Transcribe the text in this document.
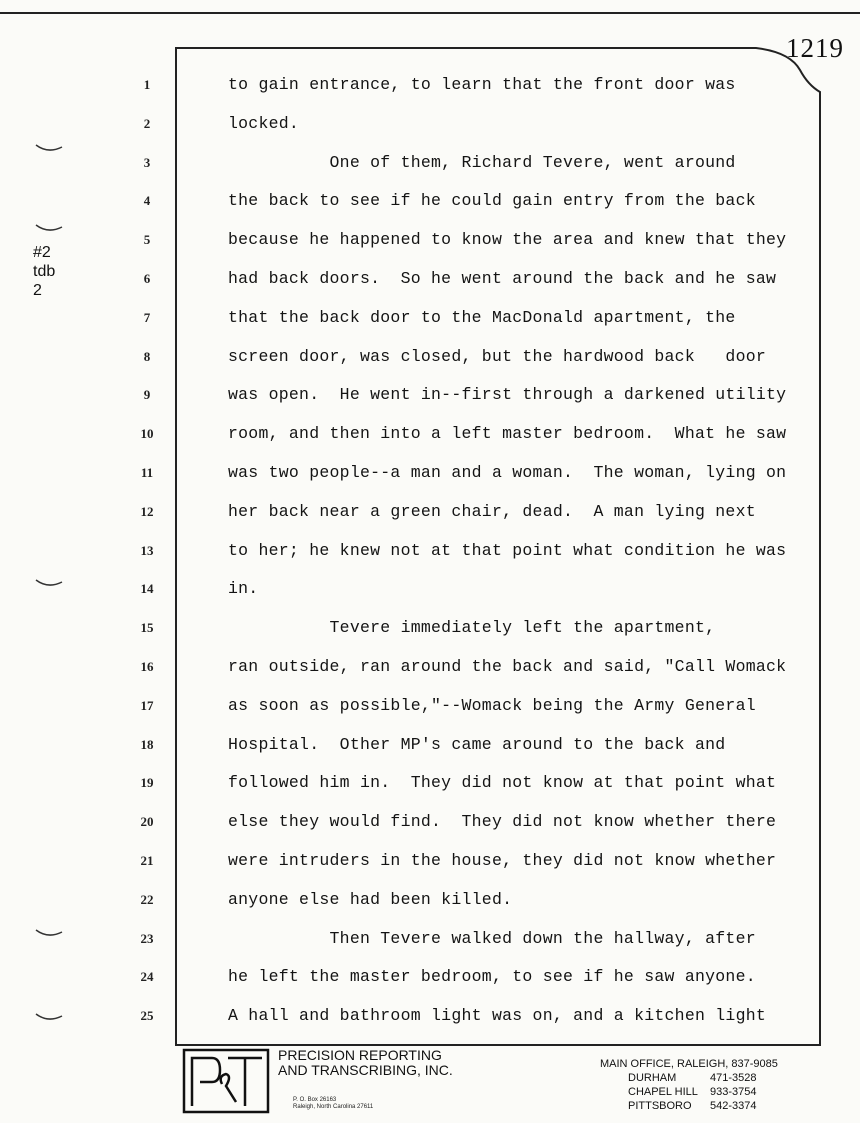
1219
#2
tdb
2
1	to gain entrance, to learn that the front door was
2	locked.
3	One of them, Richard Tevere, went around
4	the back to see if he could gain entry from the back
5	because he happened to know the area and knew that they
6	had back doors.  So he went around the back and he saw
7	that the back door to the MacDonald apartment, the
8	screen door, was closed, but the hardwood back   door
9	was open.  He went in--first through a darkened utility
10	room, and then into a left master bedroom.  What he saw
11	was two people--a man and a woman.  The woman, lying on
12	her back near a green chair, dead.  A man lying next
13	to her; he knew not at that point what condition he was
14	in.
15	Tevere immediately left the apartment,
16	ran outside, ran around the back and said, "Call Womack
17	as soon as possible,"--Womack being the Army General
18	Hospital.  Other MP's came around to the back and
19	followed him in.  They did not know at that point what
20	else they would find.  They did not know whether there
21	were intruders in the house, they did not know whether
22	anyone else had been killed.
23	Then Tevere walked down the hallway, after
24	he left the master bedroom, to see if he saw anyone.
25	A hall and bathroom light was on, and a kitchen light
PRECISION REPORTING
AND TRANSCRIBING, INC.
P. O. Box 26163
Raleigh, North Carolina 27611
MAIN OFFICE, RALEIGH, 837-9085
DURHAM	471-3528
CHAPEL HILL 933-3754
PITTSBORO 542-3374
